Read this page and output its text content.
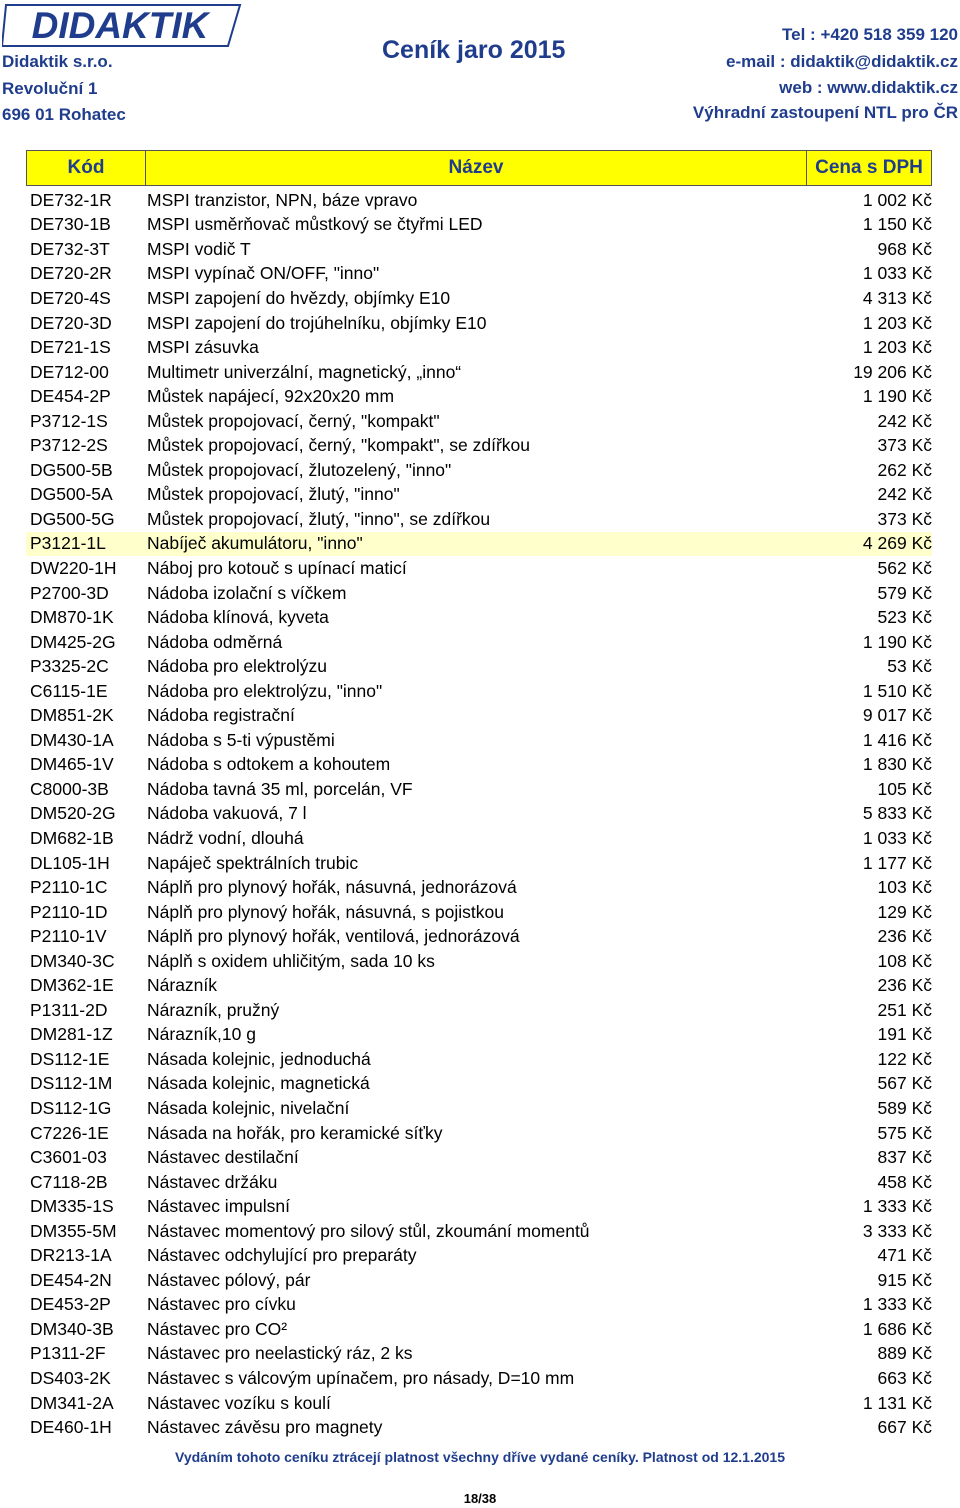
DIDAKTIK
Didaktik s.r.o.
Revoluční 1
696 01 Rohatec
Ceník jaro 2015
Tel : +420 518 359 120
e-mail : didaktik@didaktik.cz
web : www.didaktik.cz
Výhradní zastoupení NTL pro ČR
Kód	Název	Cena s DPH
DE732-1R	MSPI tranzistor, NPN, báze vpravo	1 002 Kč
DE730-1B	MSPI usměrňovač můstkový se čtyřmi LED	1 150 Kč
DE732-3T	MSPI vodič T	968 Kč
DE720-2R	MSPI vypínač ON/OFF, "inno"	1 033 Kč
DE720-4S	MSPI zapojení do hvězdy, objímky E10	4 313 Kč
DE720-3D	MSPI zapojení do trojúhelníku, objímky E10	1 203 Kč
DE721-1S	MSPI zásuvka	1 203 Kč
DE712-00	Multimetr univerzální, magnetický, „inno“	19 206 Kč
DE454-2P	Můstek napájecí, 92x20x20 mm	1 190 Kč
P3712-1S	Můstek propojovací, černý, "kompakt"	242 Kč
P3712-2S	Můstek propojovací, černý, "kompakt", se zdířkou	373 Kč
DG500-5B	Můstek propojovací, žlutozelený, "inno"	262 Kč
DG500-5A	Můstek propojovací, žlutý, "inno"	242 Kč
DG500-5G	Můstek propojovací, žlutý, "inno", se zdířkou	373 Kč
P3121-1L	Nabíječ akumulátoru, "inno"	4 269 Kč
DW220-1H	Náboj pro kotouč s upínací maticí	562 Kč
P2700-3D	Nádoba izolační s víčkem	579 Kč
DM870-1K	Nádoba klínová, kyveta	523 Kč
DM425-2G	Nádoba odměrná	1 190 Kč
P3325-2C	Nádoba pro elektrolýzu	53 Kč
C6115-1E	Nádoba pro elektrolýzu, "inno"	1 510 Kč
DM851-2K	Nádoba registrační	9 017 Kč
DM430-1A	Nádoba s 5-ti výpustěmi	1 416 Kč
DM465-1V	Nádoba s odtokem a kohoutem	1 830 Kč
C8000-3B	Nádoba tavná 35 ml, porcelán, VF	105 Kč
DM520-2G	Nádoba vakuová, 7 l	5 833 Kč
DM682-1B	Nádrž vodní, dlouhá	1 033 Kč
DL105-1H	Napáječ spektrálních trubic	1 177 Kč
P2110-1C	Náplň pro plynový hořák, násuvná, jednorázová	103 Kč
P2110-1D	Náplň pro plynový hořák, násuvná, s pojistkou	129 Kč
P2110-1V	Náplň pro plynový hořák, ventilová, jednorázová	236 Kč
DM340-3C	Náplň s oxidem uhličitým, sada 10 ks	108 Kč
DM362-1E	Nárazník	236 Kč
P1311-2D	Nárazník, pružný	251 Kč
DM281-1Z	Nárazník,10 g	191 Kč
DS112-1E	Násada kolejnic, jednoduchá	122 Kč
DS112-1M	Násada kolejnic, magnetická	567 Kč
DS112-1G	Násada kolejnic, nivelační	589 Kč
C7226-1E	Násada na hořák, pro keramické síťky	575 Kč
C3601-03	Nástavec destilační	837 Kč
C7118-2B	Nástavec držáku	458 Kč
DM335-1S	Nástavec impulsní	1 333 Kč
DM355-5M	Nástavec momentový pro silový stůl, zkoumání momentů	3 333 Kč
DR213-1A	Nástavec odchylující pro preparáty	471 Kč
DE454-2N	Nástavec pólový, pár	915 Kč
DE453-2P	Nástavec pro cívku	1 333 Kč
DM340-3B	Nástavec pro CO²	1 686 Kč
P1311-2F	Nástavec pro neelastický ráz, 2 ks	889 Kč
DS403-2K	Nástavec s válcovým upínačem, pro násady, D=10 mm	663 Kč
DM341-2A	Nástavec vozíku s koulí	1 131 Kč
DE460-1H	Nástavec závěsu pro magnety	667 Kč
Vydáním tohoto ceníku ztrácejí platnost všechny dříve vydané ceníky. Platnost od 12.1.2015
18/38
